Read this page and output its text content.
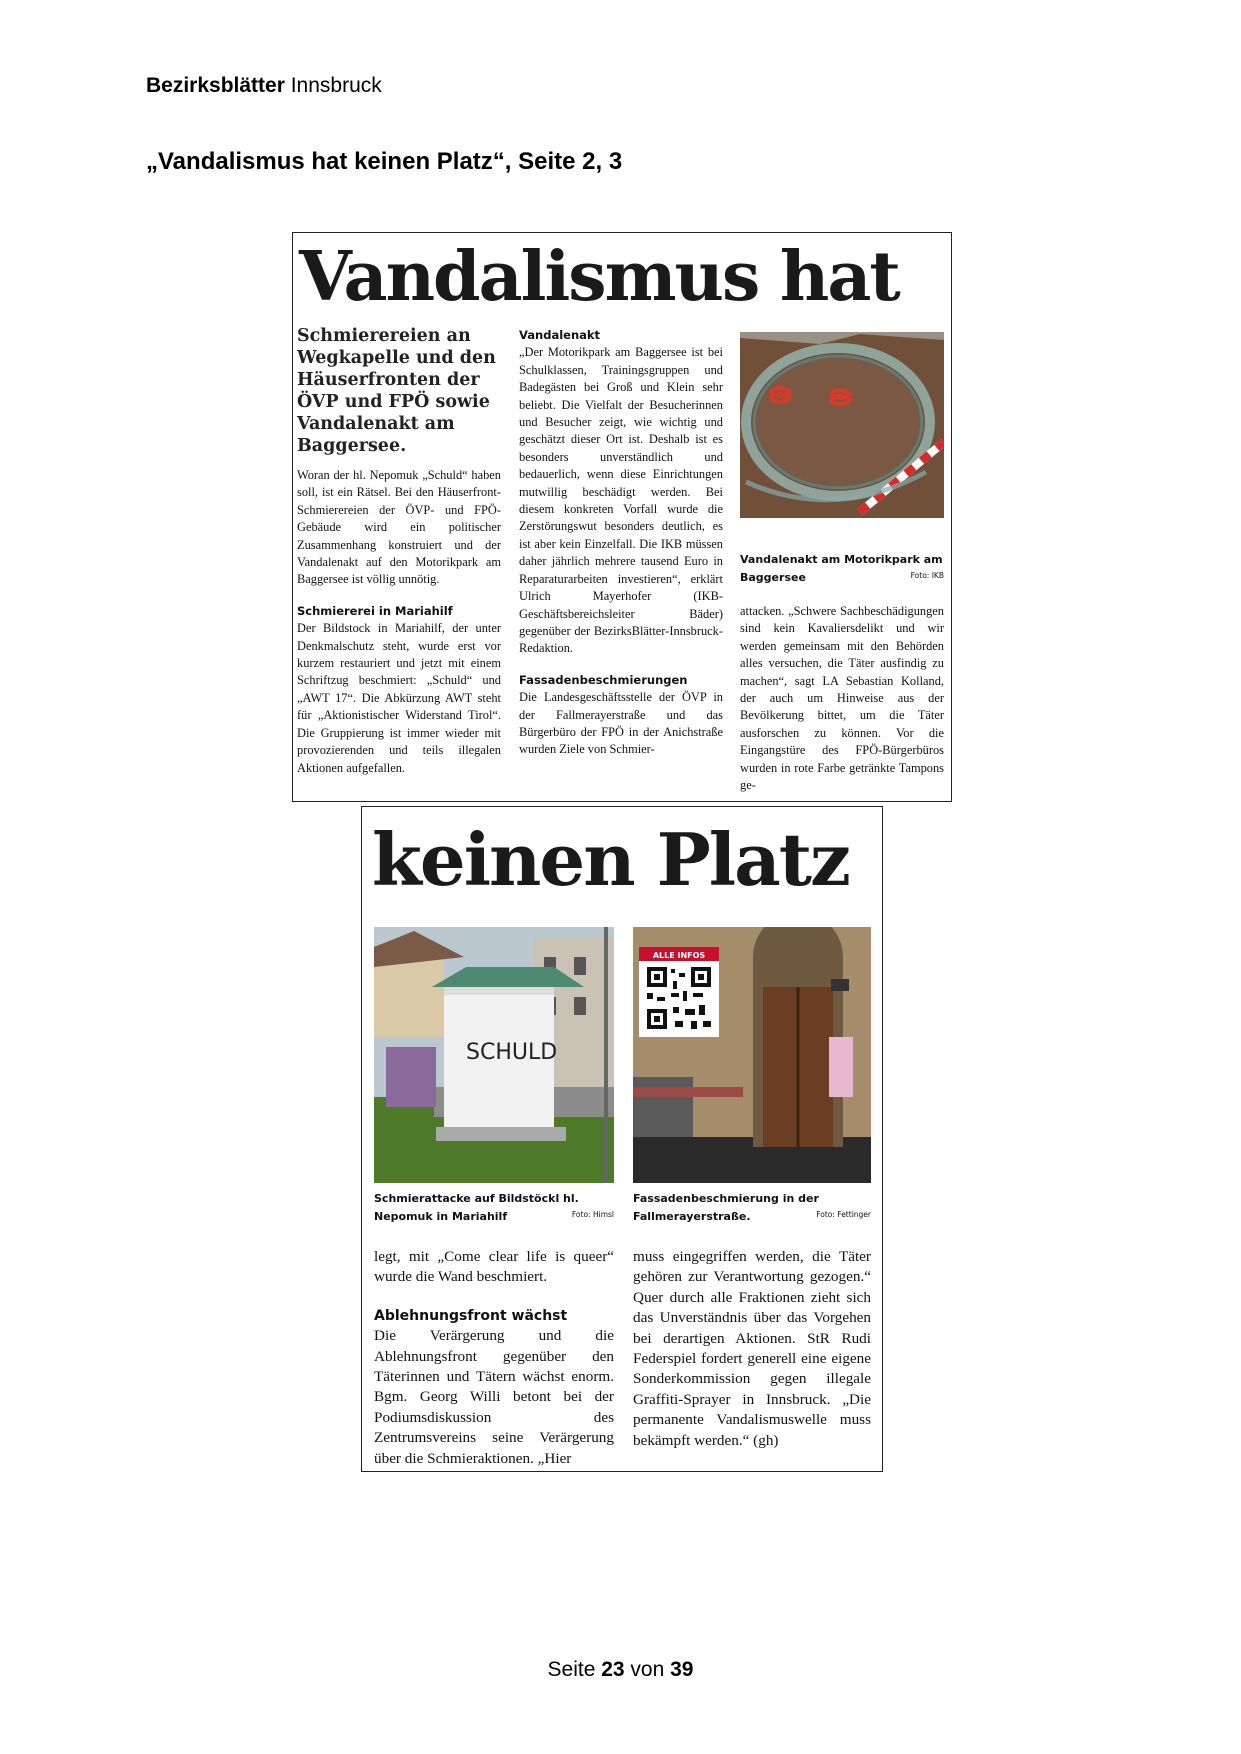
Bezirksblätter Innsbruck
„Vandalismus hat keinen Platz“, Seite 2, 3
Vandalismus hat

Schmierereien an Wegkapelle und den Häuserfronten der ÖVP und FPÖ sowie Vandalenakt am Baggersee.

Woran der hl. Nepomuk „Schuld“ haben soll, ist ein Rätsel. Bei den Häuserfront-Schmierereien der ÖVP- und FPÖ-Gebäude wird ein politischer Zusammenhang konstruiert und der Vandalenakt auf den Motorikpark am Baggersee ist völlig unnötig.

Schmiererei in Mariahilf

Der Bildstock in Mariahilf, der unter Denkmalschutz steht, wurde erst vor kurzem restauriert und jetzt mit einem Schriftzug beschmiert: „Schuld“ und „AWT 17“. Die Abkürzung AWT steht für „Aktionistischer Widerstand Tirol“. Die Gruppierung ist immer wieder mit provozierenden und teils illegalen Aktionen aufgefallen.

Vandalenakt

„Der Motorikpark am Baggersee ist bei Schulklassen, Trainingsgruppen und Badegästen bei Groß und Klein sehr beliebt. Die Vielfalt der Besucherinnen und Besucher zeigt, wie wichtig und geschätzt dieser Ort ist. Deshalb ist es besonders unverständlich und bedauerlich, wenn diese Einrichtungen mutwillig beschädigt werden. Bei diesem konkreten Vorfall wurde die Zerstörungswut besonders deutlich, es ist aber kein Einzelfall. Die IKB müssen daher jährlich mehrere tausend Euro in Reparaturarbeiten investieren“, erklärt Ulrich Mayerhofer (IKB-Geschäftsbereichsleiter Bäder) gegenüber der BezirksBlätter-Innsbruck-Redaktion.

Fassadenbeschmierungen

Die Landesgeschäftsstelle der ÖVP in der Fallmerayerstraße und das Bürgerbüro der FPÖ in der Anichstraße wurden Ziele von Schmier-

Vandalenakt am Motorikpark am Baggersee	Foto: IKB

attacken. „Schwere Sachbeschädigungen sind kein Kavaliersdelikt und wir werden gemeinsam mit den Behörden alles versuchen, die Täter ausfindig zu machen“, sagt LA Sebastian Kolland, der auch um Hinweise aus der Bevölkerung bittet, um die Täter ausforschen zu können. Vor die Eingangstüre des FPÖ-Bürgerbüros wurden in rote Farbe getränkte Tampons ge-

keinen Platz
SCHULD
Schmierattacke auf Bildstöckl hl. Nepomuk in Mariahilf	Foto: Himsl
ALLE INFOS
Fassadenbeschmierung in der Fallmerayerstraße.	Foto: Fettinger

legt, mit „Come clear life is queer“ wurde die Wand beschmiert.

Ablehnungsfront wächst

Die Verärgerung und die Ablehnungsfront gegenüber den Täterinnen und Tätern wächst enorm. Bgm. Georg Willi betont bei der Podiumsdiskussion des Zentrumsvereins seine Verärgerung über die Schmieraktionen. „Hier

muss eingegriffen werden, die Täter gehören zur Verantwortung gezogen.“ Quer durch alle Fraktionen zieht sich das Unverständnis über das Vorgehen bei derartigen Aktionen. StR Rudi Federspiel fordert generell eine eigene Sonderkommission gegen illegale Graffiti-Sprayer in Innsbruck. „Die permanente Vandalismuswelle muss bekämpft werden.“ (gh)

Seite 23 von 39
